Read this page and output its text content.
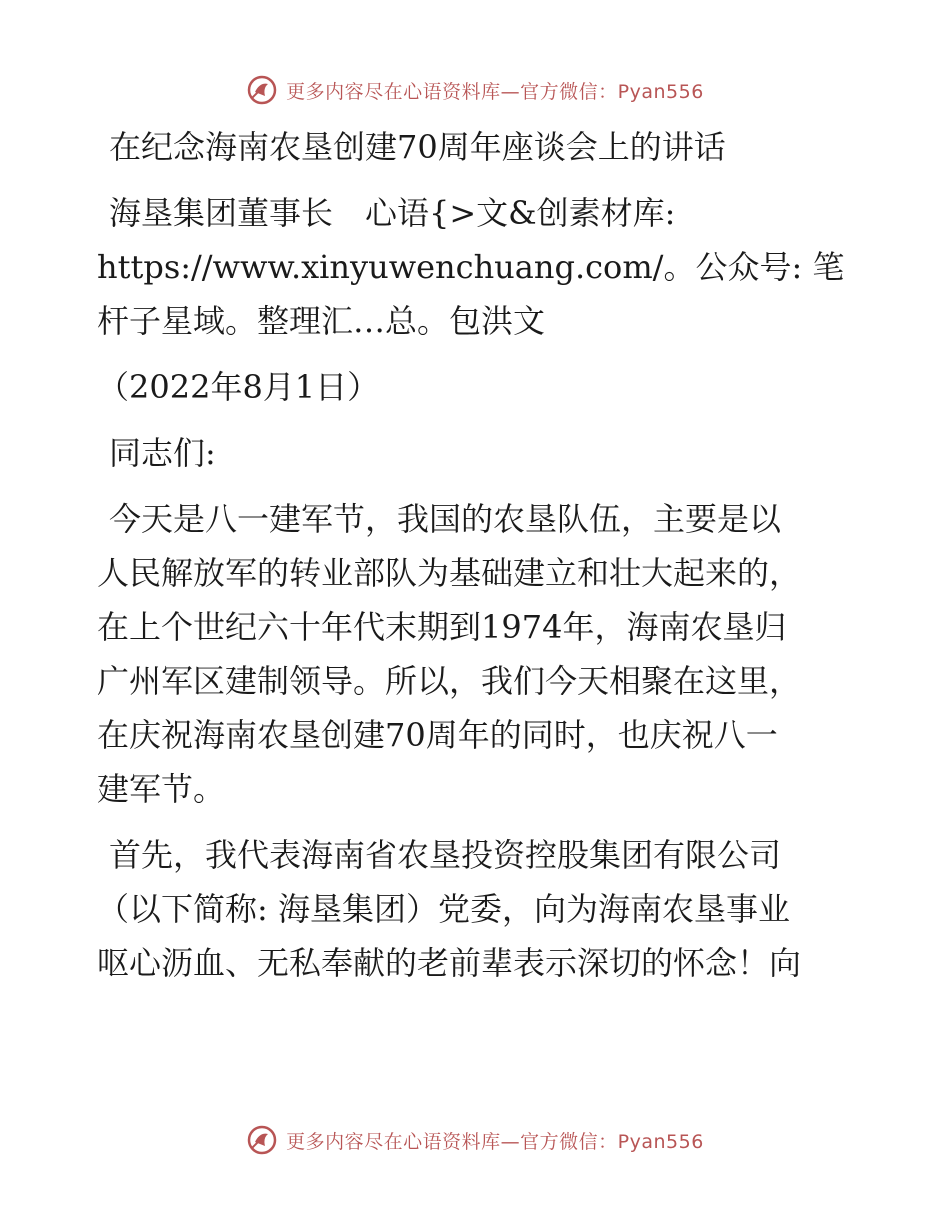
更多内容尽在心语资料库—官方微信：Pyan556

在纪念海南农垦创建70周年座谈会上的讲话

海垦集团董事长　心语{>文&创素材库:

https://www.xinyuwenchuang.com/。公众号: 笔

杆子星域。整理汇…总。包洪文

（2022年8月1日）

同志们:

今天是八一建军节，我国的农垦队伍，主要是以

人民解放军的转业部队为基础建立和壮大起来的，

在上个世纪六十年代末期到1974年，海南农垦归

广州军区建制领导。所以，我们今天相聚在这里，

在庆祝海南农垦创建70周年的同时，也庆祝八一

建军节。

首先，我代表海南省农垦投资控股集团有限公司

（以下简称: 海垦集团）党委，向为海南农垦事业

呕心沥血、无私奉献的老前辈表示深切的怀念！向

更多内容尽在心语资料库—官方微信：Pyan556
